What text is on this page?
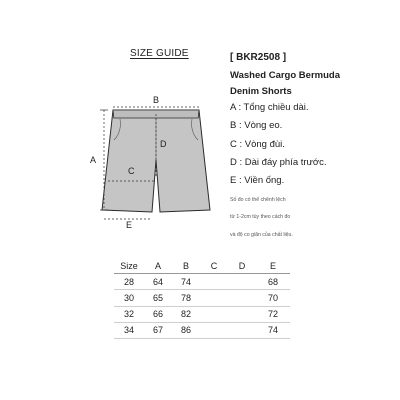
SIZE GUIDE	[ BKR2508 ]
Washed Cargo Bermuda
Denim Shorts
A : Tổng chiều dài.
B : Vòng eo.
C : Vòng đùi.
D : Dài đáy phía trước.
E : Viền ống.
Số đo có thể chênh lệch
từ 1-2cm tùy theo cách đo
và độ co giãn của chất liệu.
B
A
D
C
E
Size	A	B	C	D	E
28	64	74			68
30	65	78			70
32	66	82			72
34	67	86			74
